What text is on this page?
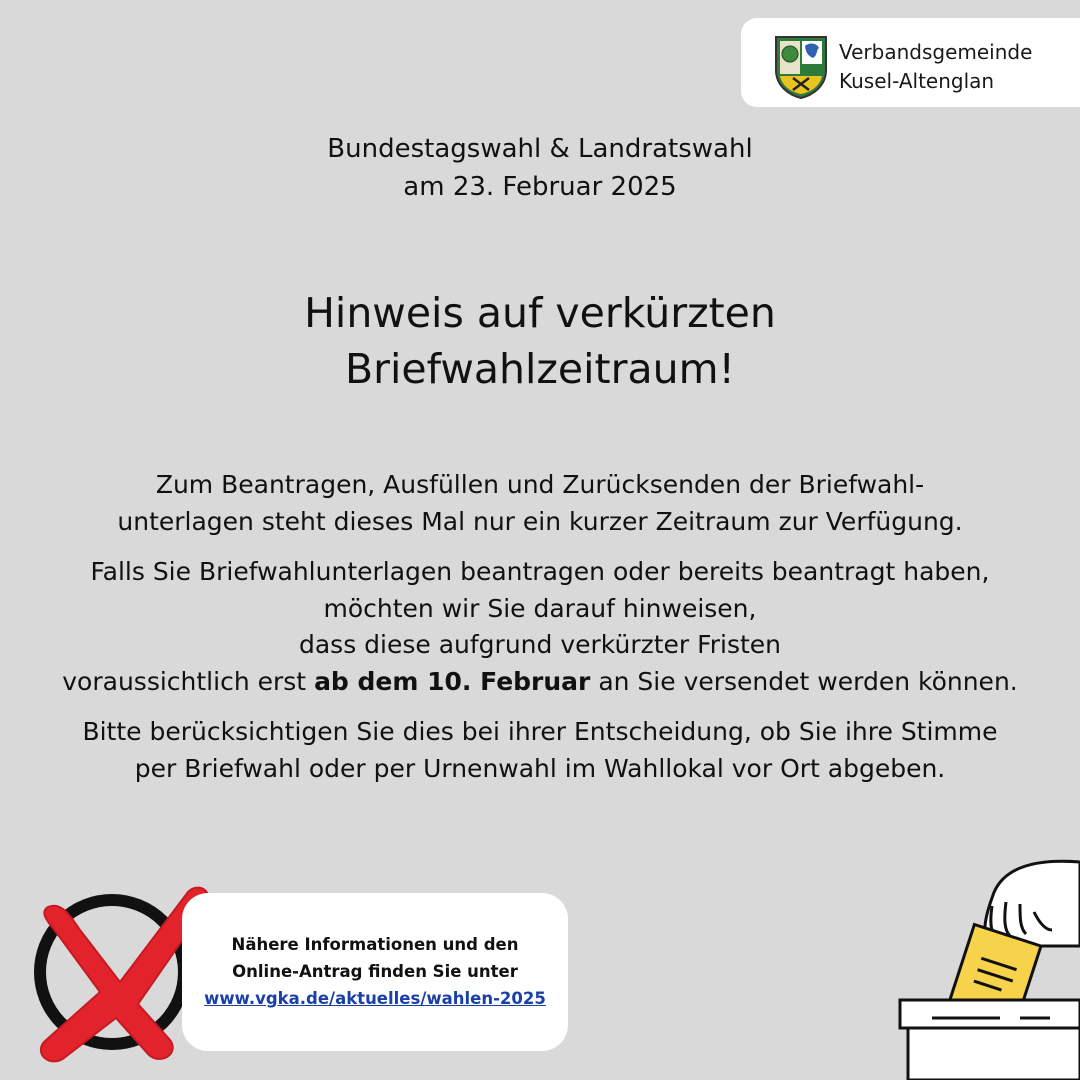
Verbandsgemeinde
Kusel-Altenglan
Bundestagswahl & Landratswahl
am 23. Februar 2025
Hinweis auf verkürzten
Briefwahlzeitraum!

Zum Beantragen, Ausfüllen und Zurücksenden der Briefwahl-
unterlagen steht dieses Mal nur ein kurzer Zeitraum zur Verfügung.

Falls Sie Briefwahlunterlagen beantragen oder bereits beantragt haben,
möchten wir Sie darauf hinweisen,
dass diese aufgrund verkürzter Fristen
voraussichtlich erst ab dem 10. Februar an Sie versendet werden können.

Bitte berücksichtigen Sie dies bei ihrer Entscheidung, ob Sie ihre Stimme
per Briefwahl oder per Urnenwahl im Wahllokal vor Ort abgeben.

Nähere Informationen und den
Online-Antrag finden Sie unter
www.vgka.de/aktuelles/wahlen-2025
